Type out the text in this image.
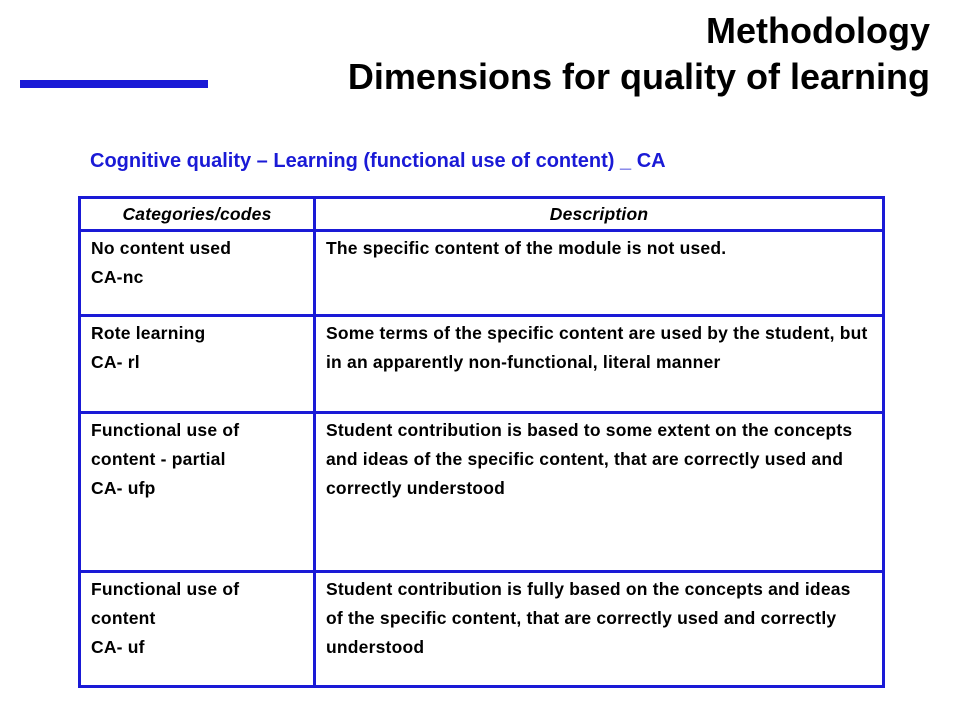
Methodology
Dimensions for quality of learning
Cognitive quality – Learning (functional use of content) _ CA
Categories/codes	Description

No content used
CA-nc	The specific content of the module is not used.

Rote learning
CA- rl	Some terms of the specific content are used by the student, but in an apparently non-functional, literal manner

Functional use of
content - partial
CA- ufp	Student contribution is based to some extent on the concepts and ideas of the specific content, that are correctly used and correctly understood

Functional use of
content
CA- uf	Student contribution is fully based on the concepts and ideas of the specific content, that are correctly used and correctly understood
